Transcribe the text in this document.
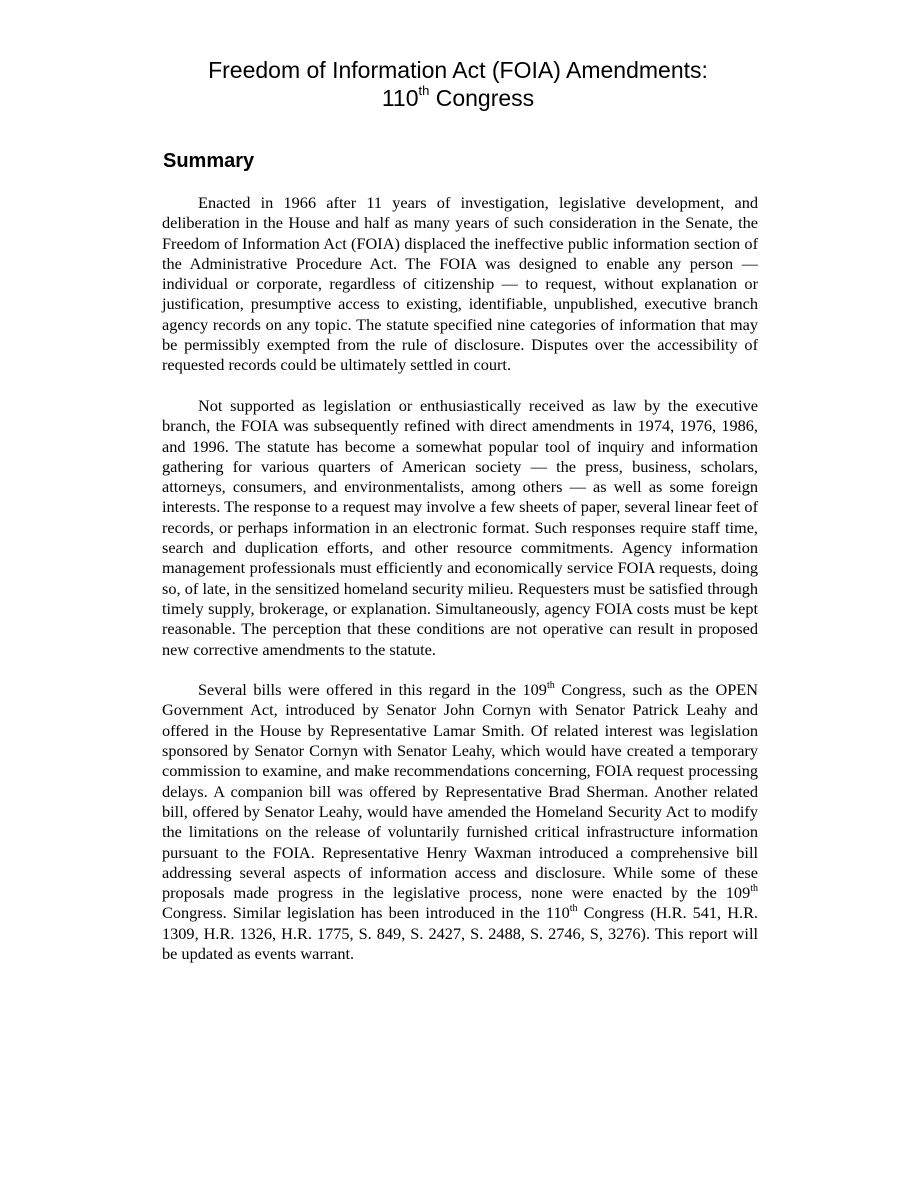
Freedom of Information Act (FOIA) Amendments:
110th Congress
Summary

Enacted in 1966 after 11 years of investigation, legislative development, and deliberation in the House and half as many years of such consideration in the Senate, the Freedom of Information Act (FOIA) displaced the ineffective public information section of the Administrative Procedure Act. The FOIA was designed to enable any person — individual or corporate, regardless of citizenship — to request, without explanation or justification, presumptive access to existing, identifiable, unpublished, executive branch agency records on any topic. The statute specified nine categories of information that may be permissibly exempted from the rule of disclosure. Disputes over the accessibility of requested records could be ultimately settled in court.

Not supported as legislation or enthusiastically received as law by the executive branch, the FOIA was subsequently refined with direct amendments in 1974, 1976, 1986, and 1996. The statute has become a somewhat popular tool of inquiry and information gathering for various quarters of American society — the press, business, scholars, attorneys, consumers, and environmentalists, among others — as well as some foreign interests. The response to a request may involve a few sheets of paper, several linear feet of records, or perhaps information in an electronic format. Such responses require staff time, search and duplication efforts, and other resource commitments. Agency information management professionals must efficiently and economically service FOIA requests, doing so, of late, in the sensitized homeland security milieu. Requesters must be satisfied through timely supply, brokerage, or explanation. Simultaneously, agency FOIA costs must be kept reasonable. The perception that these conditions are not operative can result in proposed new corrective amendments to the statute.

Several bills were offered in this regard in the 109th Congress, such as the OPEN Government Act, introduced by Senator John Cornyn with Senator Patrick Leahy and offered in the House by Representative Lamar Smith. Of related interest was legislation sponsored by Senator Cornyn with Senator Leahy, which would have created a temporary commission to examine, and make recommendations concerning, FOIA request processing delays. A companion bill was offered by Representative Brad Sherman. Another related bill, offered by Senator Leahy, would have amended the Homeland Security Act to modify the limitations on the release of voluntarily furnished critical infrastructure information pursuant to the FOIA. Representative Henry Waxman introduced a comprehensive bill addressing several aspects of information access and disclosure. While some of these proposals made progress in the legislative process, none were enacted by the 109th Congress. Similar legislation has been introduced in the 110th Congress (H.R. 541, H.R. 1309, H.R. 1326, H.R. 1775, S. 849, S. 2427, S. 2488, S. 2746, S, 3276). This report will be updated as events warrant.
